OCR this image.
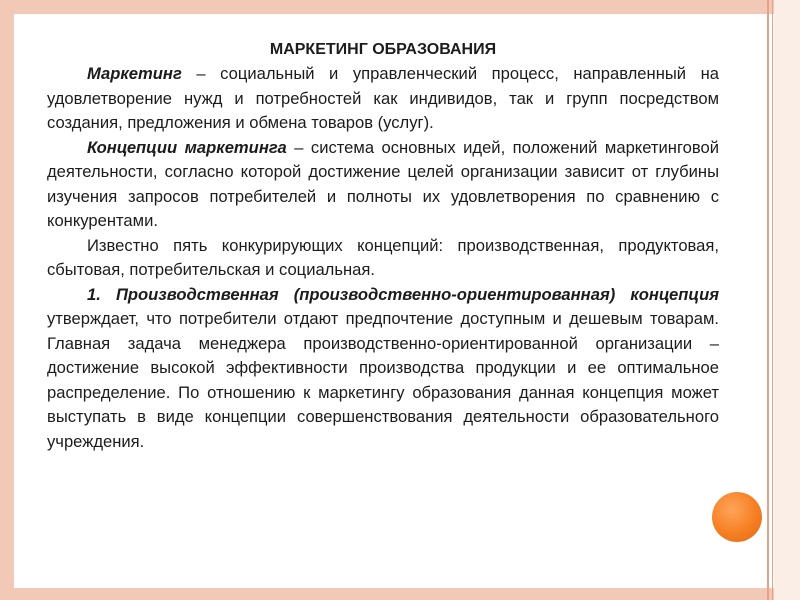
МАРКЕТИНГ ОБРАЗОВАНИЯ

Маркетинг – социальный и управленческий процесс, направленный на удовлетворение нужд и потребностей как индивидов, так и групп посредством создания, предложения и обмена товаров (услуг).

Концепции маркетинга – система основных идей, положений маркетинговой деятельности, согласно которой достижение целей организации зависит от глубины изучения запросов потребителей и полноты их удовлетворения по сравнению с конкурентами.

Известно пять конкурирующих концепций: производственная, продуктовая, сбытовая, потребительская и социальная.

1. Производственная (производственно-ориентированная) концепция утверждает, что потребители отдают предпочтение доступным и дешевым товарам. Главная задача менеджера производственно-ориентированной организации – достижение высокой эффективности производства продукции и ее оптимальное распределение. По отношению к маркетингу образования данная концепция может выступать в виде концепции совершенствования деятельности образовательного учреждения.
